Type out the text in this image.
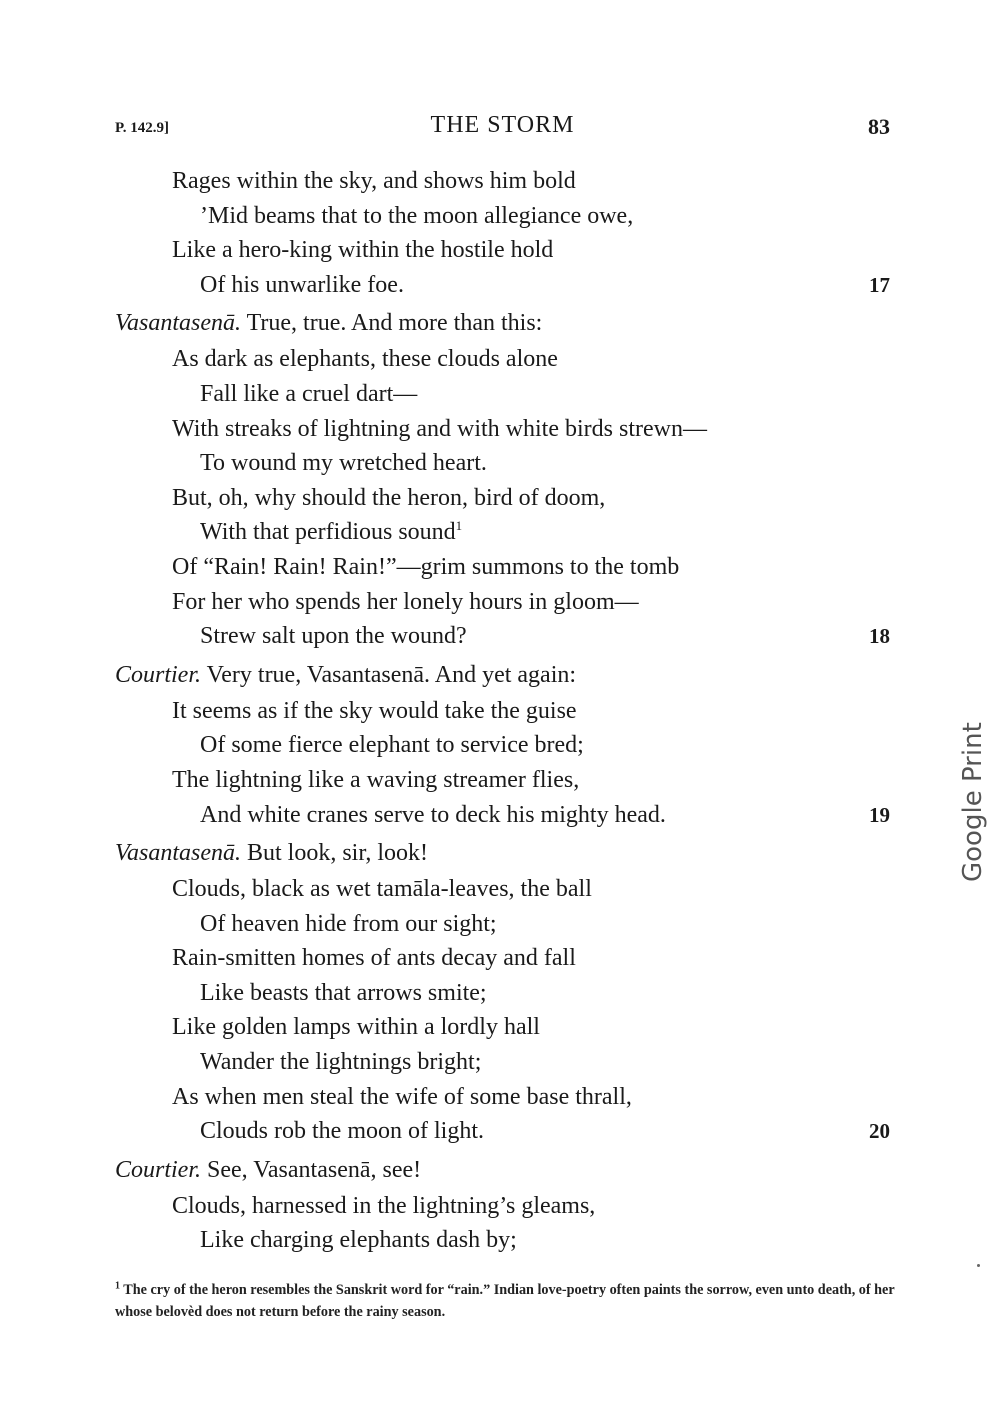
P. 142.9]	THE STORM	83
Rages within the sky, and shows him bold
’Mid beams that to the moon allegiance owe,
Like a hero-king within the hostile hold
Of his unwarlike foe.	17
Vasantasenā. True, true. And more than this:
As dark as elephants, these clouds alone
Fall like a cruel dart—
With streaks of lightning and with white birds strewn—
To wound my wretched heart.
But, oh, why should the heron, bird of doom,
With that perfidious sound$^1$
Of “Rain! Rain! Rain!”—grim summons to the tomb
For her who spends her lonely hours in gloom—
Strew salt upon the wound?	18
Courtier. Very true, Vasantasenā. And yet again:
It seems as if the sky would take the guise
Of some fierce elephant to service bred;
The lightning like a waving streamer flies,
And white cranes serve to deck his mighty head.	19
Vasantasenā. But look, sir, look!
Clouds, black as wet tamāla-leaves, the ball
Of heaven hide from our sight;
Rain-smitten homes of ants decay and fall
Like beasts that arrows smite;
Like golden lamps within a lordly hall
Wander the lightnings bright;
As when men steal the wife of some base thrall,
Clouds rob the moon of light.	20
Courtier. See, Vasantasenā, see!
Clouds, harnessed in the lightning’s gleams,
Like charging elephants dash by;
$^1$ The cry of the heron resembles the Sanskrit word for “rain.” Indian love-poetry often paints the sorrow, even unto death, of her whose belovèd does not return before the rainy season.
Google Print
